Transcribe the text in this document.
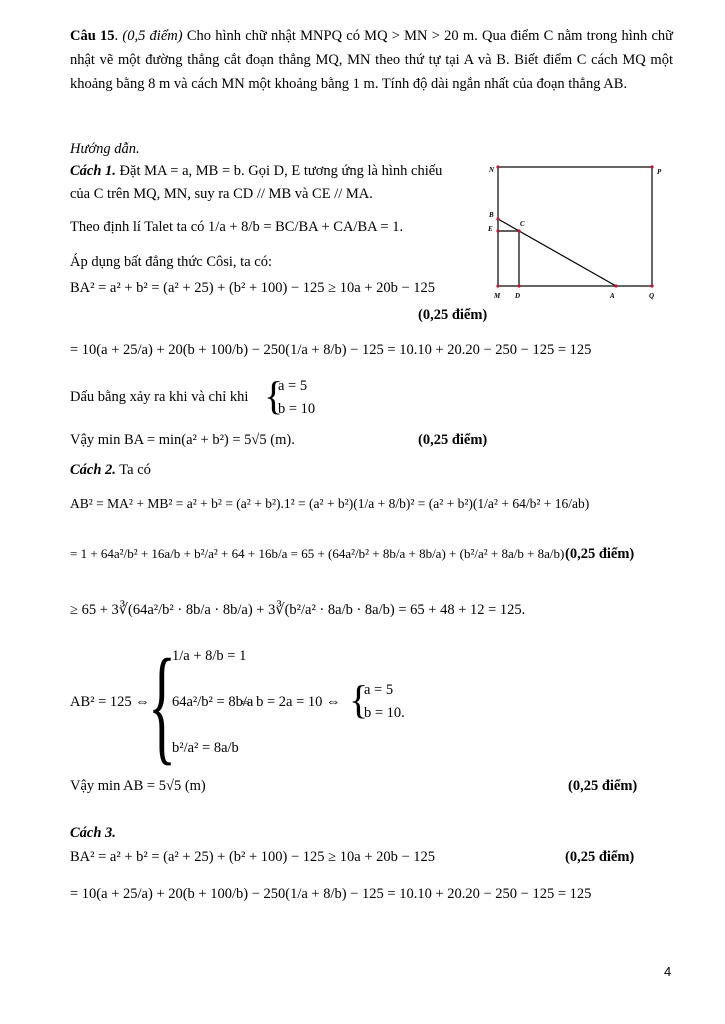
Câu 15. (0,5 điểm) Cho hình chữ nhật MNPQ có MQ > MN > 20 m. Qua điểm C nằm trong hình chữ nhật vẽ một đường thẳng cắt đoạn thẳng MQ, MN theo thứ tự tại A và B. Biết điểm C cách MQ một khoảng bằng 8 m và cách MN một khoảng bằng 1 m. Tính độ dài ngắn nhất của đoạn thẳng AB.
Hướng dẫn.
Cách 1. Đặt MA = a, MB = b. Gọi D, E tương ứng là hình chiếu
của C trên MQ, MN, suy ra CD // MB và CE // MA.
Theo định lí Talet ta có 1/a + 8/b = BC/BA + CA/BA = 1.
Áp dụng bất đẳng thức Côsi, ta có:
BA² = a² + b² = (a² + 25) + (b² + 100) − 125 ≥ 10a + 20b − 125
(0,25 điểm)
= 10(a + 25/a) + 20(b + 100/b) − 250(1/a + 8/b) − 125 = 10.10 + 20.20 − 250 − 125 = 125
Dấu bằng xảy ra khi và chỉ khi {
a = 5
b = 10
Vậy min BA = min(a² + b²) = 5√5 (m).	(0,25 điểm)
Cách 2. Ta có
AB² = MA² + MB² = a² + b² = (a² + b²).1² = (a² + b²)(1/a + 8/b)² = (a² + b²)(1/a² + 64/b² + 16/ab)
= 1 + 64a²/b² + 16a/b + b²/a² + 64 + 16b/a = 65 + (64a²/b² + 8b/a + 8b/a) + (b²/a² + 8a/b + 8a/b) (0,25 điểm)
≥ 65 + 3∛(64a²/b² · 8b/a · 8b/a) + 3∛(b²/a² · 8a/b · 8a/b) = 65 + 48 + 12 = 125.
AB² = 125 ⇔
{
1/a + 8/b = 1
64a²/b² = 8b/a
b²/a² = 8a/b
⇔ b = 2a = 10 ⇔ {
a = 5
b = 10.
Vậy min AB = 5√5 (m)	(0,25 điểm)
Cách 3.
BA² = a² + b² = (a² + 25) + (b² + 100) − 125 ≥ 10a + 20b − 125	(0,25 điểm)
= 10(a + 25/a) + 20(b + 100/b) − 250(1/a + 8/b) − 125 = 10.10 + 20.20 − 250 − 125 = 125
N	P
B
C
E
M D	A	Q
4
